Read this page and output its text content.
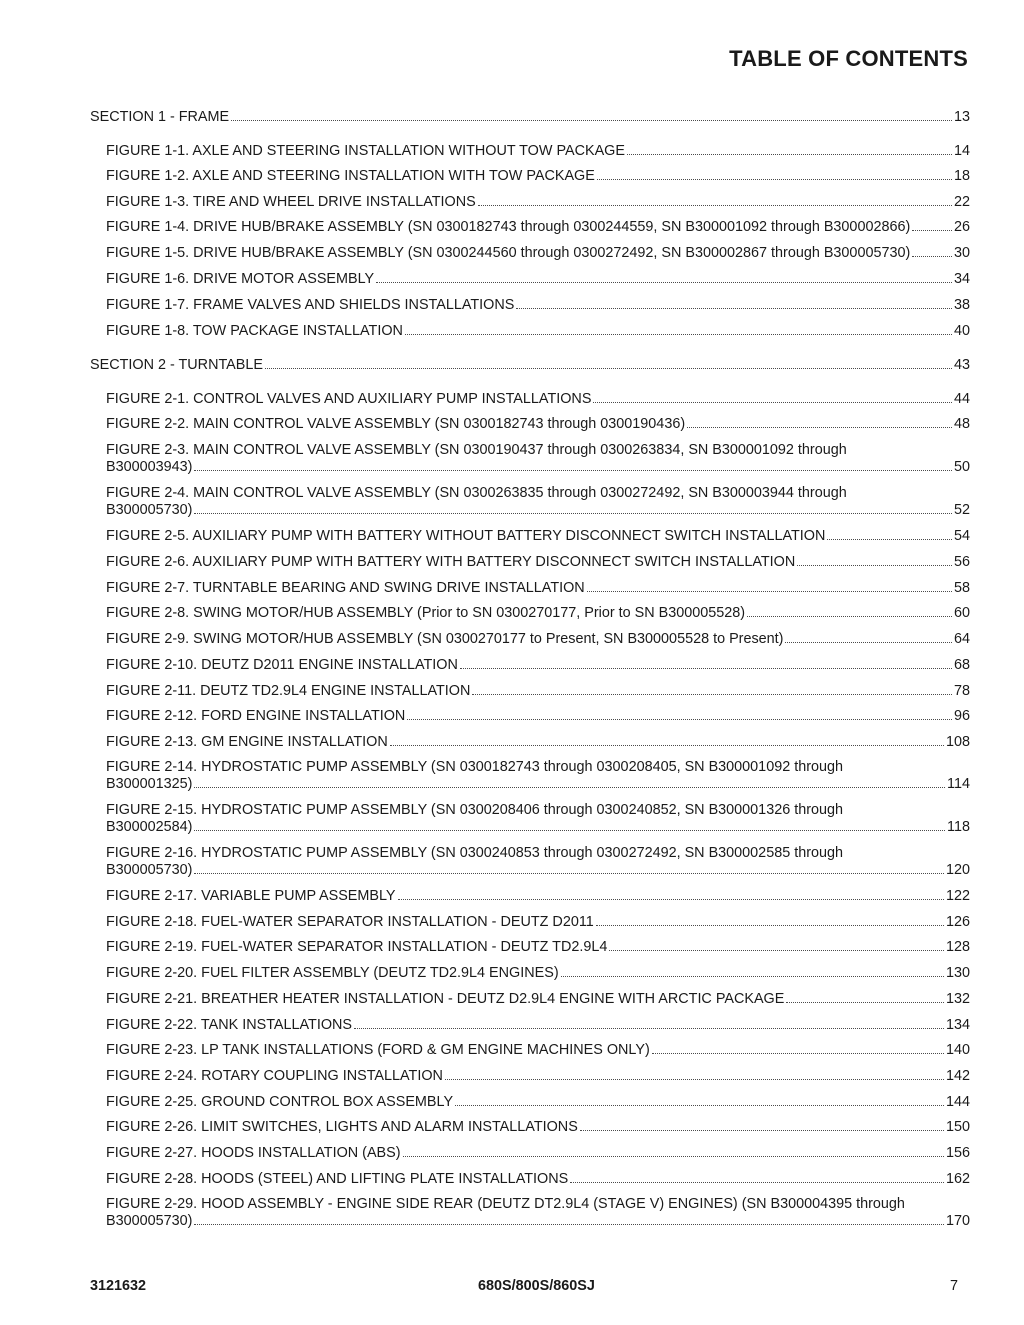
TABLE OF CONTENTS
SECTION 1 - FRAME	13
FIGURE 1-1. AXLE AND STEERING INSTALLATION WITHOUT TOW PACKAGE	14
FIGURE 1-2. AXLE AND STEERING INSTALLATION WITH TOW PACKAGE	18
FIGURE 1-3. TIRE AND WHEEL DRIVE INSTALLATIONS	22
FIGURE 1-4. DRIVE HUB/BRAKE ASSEMBLY (SN 0300182743 through 0300244559, SN B300001092 through B300002866)	26
FIGURE 1-5. DRIVE HUB/BRAKE ASSEMBLY (SN 0300244560 through 0300272492, SN B300002867 through B300005730)	30
FIGURE 1-6. DRIVE MOTOR ASSEMBLY	34
FIGURE 1-7. FRAME VALVES AND SHIELDS INSTALLATIONS	38
FIGURE 1-8. TOW PACKAGE INSTALLATION	40
SECTION 2 - TURNTABLE	43
FIGURE 2-1. CONTROL VALVES AND AUXILIARY PUMP INSTALLATIONS	44
FIGURE 2-2. MAIN CONTROL VALVE ASSEMBLY (SN 0300182743 through 0300190436)	48
FIGURE 2-3. MAIN CONTROL VALVE ASSEMBLY (SN 0300190437 through 0300263834, SN B300001092 through
B300003943)	50
FIGURE 2-4. MAIN CONTROL VALVE ASSEMBLY (SN 0300263835 through 0300272492, SN B300003944 through
B300005730)	52
FIGURE 2-5. AUXILIARY PUMP WITH BATTERY WITHOUT BATTERY DISCONNECT SWITCH INSTALLATION	54
FIGURE 2-6. AUXILIARY PUMP WITH BATTERY WITH BATTERY DISCONNECT SWITCH INSTALLATION	56
FIGURE 2-7. TURNTABLE BEARING AND SWING DRIVE INSTALLATION	58
FIGURE 2-8. SWING MOTOR/HUB ASSEMBLY (Prior to SN 0300270177, Prior to SN B300005528)	60
FIGURE 2-9. SWING MOTOR/HUB ASSEMBLY (SN 0300270177 to Present, SN B300005528 to Present)	64
FIGURE 2-10. DEUTZ D2011 ENGINE INSTALLATION	68
FIGURE 2-11. DEUTZ TD2.9L4 ENGINE INSTALLATION	78
FIGURE 2-12. FORD ENGINE INSTALLATION	96
FIGURE 2-13. GM ENGINE INSTALLATION	108
FIGURE 2-14. HYDROSTATIC PUMP ASSEMBLY (SN 0300182743 through 0300208405, SN B300001092 through
B300001325)	114
FIGURE 2-15. HYDROSTATIC PUMP ASSEMBLY (SN 0300208406 through 0300240852, SN B300001326 through
B300002584)	118
FIGURE 2-16. HYDROSTATIC PUMP ASSEMBLY (SN 0300240853 through 0300272492, SN B300002585 through
B300005730)	120
FIGURE 2-17. VARIABLE PUMP ASSEMBLY	122
FIGURE 2-18. FUEL-WATER SEPARATOR INSTALLATION - DEUTZ D2011	126
FIGURE 2-19. FUEL-WATER SEPARATOR INSTALLATION - DEUTZ TD2.9L4	128
FIGURE 2-20. FUEL FILTER ASSEMBLY (DEUTZ TD2.9L4 ENGINES)	130
FIGURE 2-21. BREATHER HEATER INSTALLATION - DEUTZ D2.9L4 ENGINE WITH ARCTIC PACKAGE	132
FIGURE 2-22. TANK INSTALLATIONS	134
FIGURE 2-23. LP TANK INSTALLATIONS (FORD & GM ENGINE MACHINES ONLY)	140
FIGURE 2-24. ROTARY COUPLING INSTALLATION	142
FIGURE 2-25. GROUND CONTROL BOX ASSEMBLY	144
FIGURE 2-26. LIMIT SWITCHES, LIGHTS AND ALARM INSTALLATIONS	150
FIGURE 2-27. HOODS INSTALLATION (ABS)	156
FIGURE 2-28. HOODS (STEEL) AND LIFTING PLATE INSTALLATIONS	162
FIGURE 2-29. HOOD ASSEMBLY - ENGINE SIDE REAR (DEUTZ DT2.9L4 (STAGE V) ENGINES) (SN B300004395 through
B300005730)	170
3121632	680S/800S/860SJ	7
